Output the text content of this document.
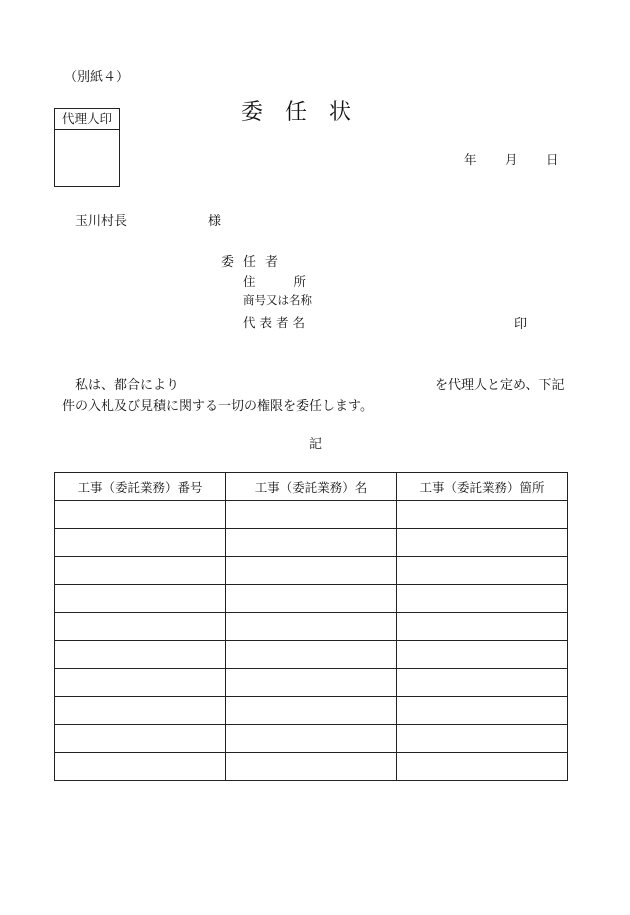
（別紙４）
代理人印	委任状
年 月 日
玉川村長	様
委任者
住	所
商号又は名称
代表者名	印
私は、都合により	を代理人と定め、下記
件の入札及び見積に関する一切の権限を委任します。
記
工事（委託業務）番号	工事（委託業務）名	工事（委託業務）箇所
